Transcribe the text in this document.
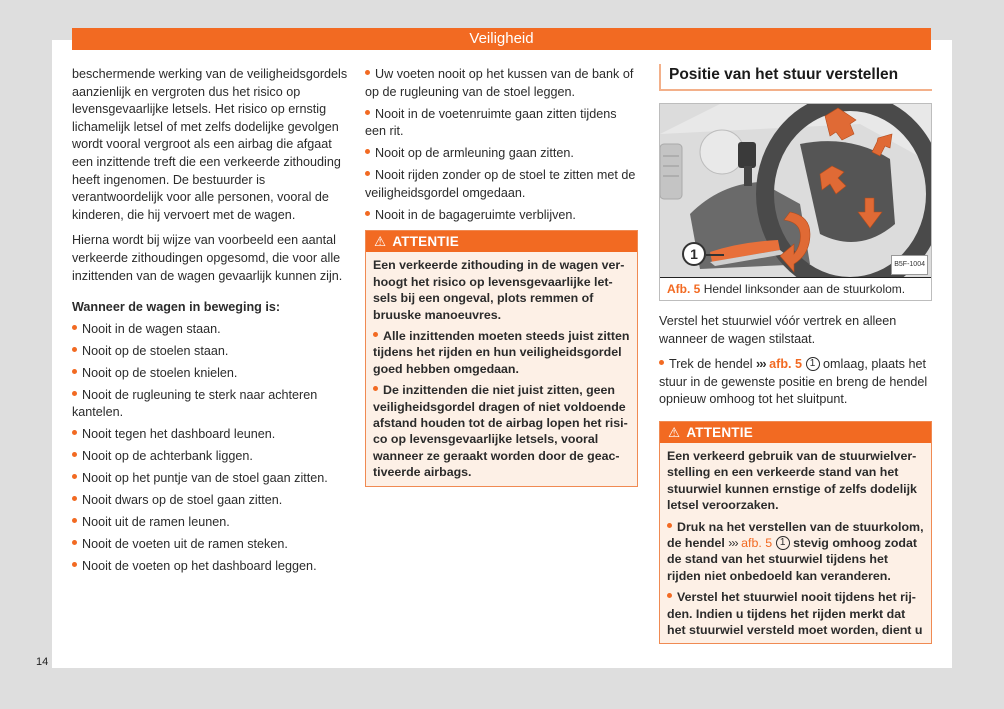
Veiligheid

beschermende werking van de veiligheidsgordels aanzienlijk en vergroten dus het risico op levensgevaarlijke letsels. Het risico op ernstig lichamelijk letsel of met zelfs dodelijke gevolgen wordt vooral vergroot als een airbag die afgaat een inzittende treft die een verkeerde zithouding heeft ingenomen. De bestuurder is verantwoordelijk voor alle personen, vooral de kinderen, die hij vervoert met de wagen.

Hierna wordt bij wijze van voorbeeld een aantal verkeerde zithoudingen opgesomd, die voor alle inzittenden van de wagen gevaarlijk kunnen zijn.

Wanneer de wagen in beweging is:

Nooit in de wagen staan.
Nooit op de stoelen staan.
Nooit op de stoelen knielen.
Nooit de rugleuning te sterk naar achteren kantelen.
Nooit tegen het dashboard leunen.
Nooit op de achterbank liggen.
Nooit op het puntje van de stoel gaan zitten.
Nooit dwars op de stoel gaan zitten.
Nooit uit de ramen leunen.
Nooit de voeten uit de ramen steken.
Nooit de voeten op het dashboard leggen.
Uw voeten nooit op het kussen van de bank of op de rugleuning van de stoel leggen.
Nooit in de voetenruimte gaan zitten tijdens een rit.
Nooit op de armleuning gaan zitten.
Nooit rijden zonder op de stoel te zitten met de veiligheidsgordel omgedaan.
Nooit in de bagageruimte verblijven.
⚠ ATTENTIE

Een verkeerde zithouding in de wagen verhoogt het risico op levensgevaarlijke letsels bij een ongeval, plots remmen of bruuske manoeuvres.

Alle inzittenden moeten steeds juist zitten tijdens het rijden en hun veiligheidsgordel goed hebben omgedaan.

De inzittenden die niet juist zitten, geen veiligheidsgordel dragen of niet voldoende afstand houden tot de airbag lopen het risico op levensgevaarlijke letsels, vooral wanneer ze geraakt worden door de geactiveerde airbags.

Positie van het stuur verstellen
1
B5F-1004
Afb. 5 Hendel linksonder aan de stuurkolom.

Verstel het stuurwiel vóór vertrek en alleen wanneer de wagen stilstaat.

Trek de hendel ››› afb. 5 1 omlaag, plaats het stuur in de gewenste positie en breng de hendel opnieuw omhoog tot het sluitpunt.

⚠ ATTENTIE

Een verkeerd gebruik van de stuurwielverstelling en een verkeerde stand van het stuurwiel kunnen ernstige of zelfs dodelijk letsel veroorzaken.

Druk na het verstellen van de stuurkolom, de hendel ››› afb. 5 1 stevig omhoog zodat de stand van het stuurwiel tijdens het rijden niet onbedoeld kan veranderen.

Verstel het stuurwiel nooit tijdens het rijden. Indien u tijdens het rijden merkt dat het stuurwiel versteld moet worden, dient u

14
